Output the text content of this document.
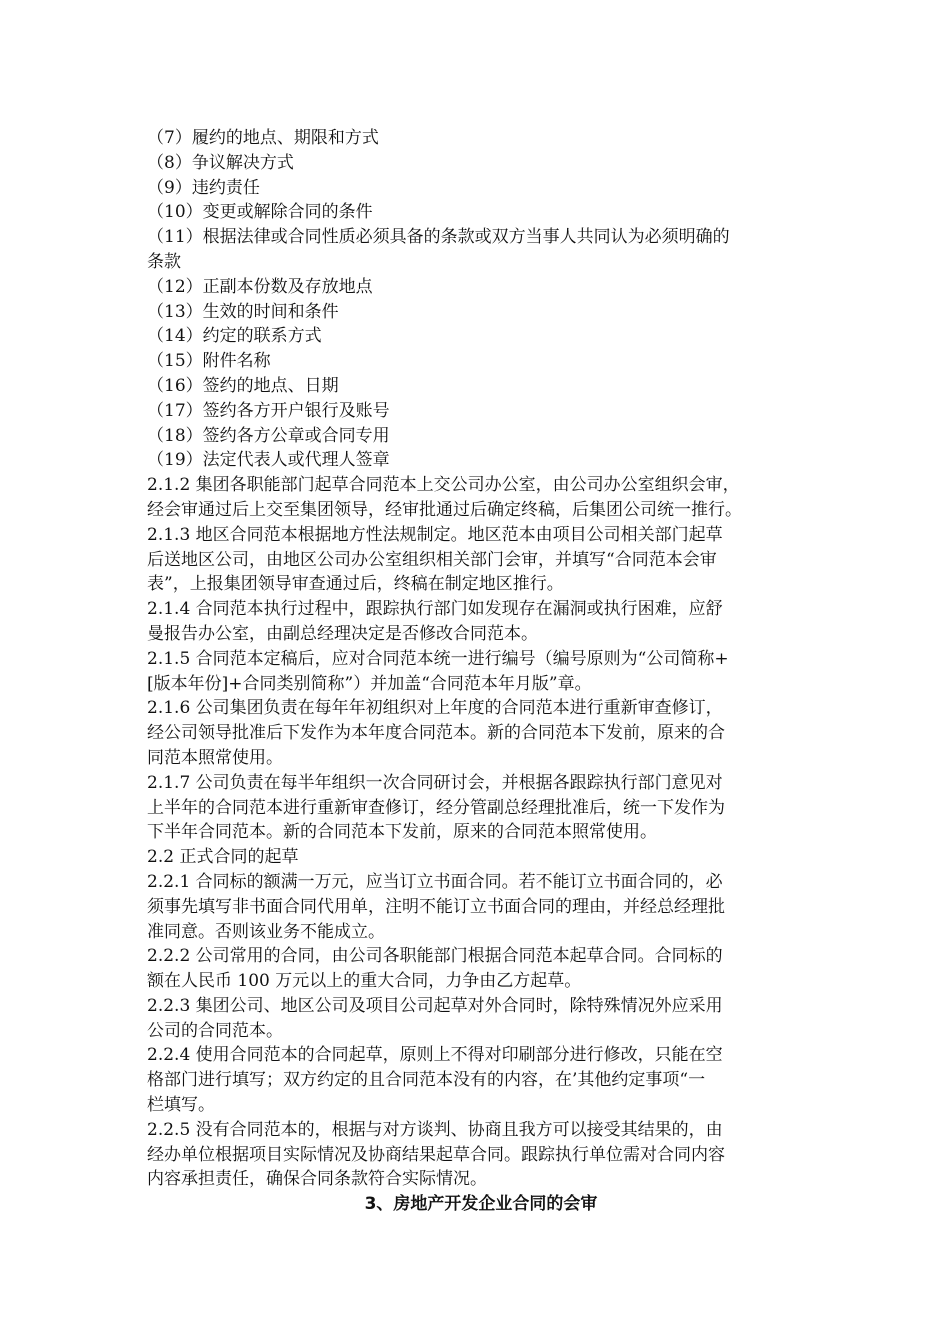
（7）履约的地点、期限和方式
（8）争议解决方式
（9）违约责任
（10）变更或解除合同的条件
（11）根据法律或合同性质必须具备的条款或双方当事人共同认为必须明确的
条款
（12）正副本份数及存放地点
（13）生效的时间和条件
（14）约定的联系方式
（15）附件名称
（16）签约的地点、日期
（17）签约各方开户银行及账号
（18）签约各方公章或合同专用
（19）法定代表人或代理人签章
2.1.2 集团各职能部门起草合同范本上交公司办公室，由公司办公室组织会审，
经会审通过后上交至集团领导，经审批通过后确定终稿，后集团公司统一推行。
2.1.3 地区合同范本根据地方性法规制定。地区范本由项目公司相关部门起草
后送地区公司，由地区公司办公室组织相关部门会审，并填写“合同范本会审
表”，上报集团领导审查通过后，终稿在制定地区推行。
2.1.4 合同范本执行过程中，跟踪执行部门如发现存在漏洞或执行困难，应舒
曼报告办公室，由副总经理决定是否修改合同范本。
2.1.5 合同范本定稿后，应对合同范本统一进行编号（编号原则为“公司简称+
[版本年份]+合同类别简称”）并加盖“合同范本年月版”章。
2.1.6 公司集团负责在每年年初组织对上年度的合同范本进行重新审查修订，
经公司领导批准后下发作为本年度合同范本。新的合同范本下发前，原来的合
同范本照常使用。
2.1.7 公司负责在每半年组织一次合同研讨会，并根据各跟踪执行部门意见对
上半年的合同范本进行重新审查修订，经分管副总经理批准后，统一下发作为
下半年合同范本。新的合同范本下发前，原来的合同范本照常使用。
2.2 正式合同的起草
2.2.1 合同标的额满一万元，应当订立书面合同。若不能订立书面合同的，必
须事先填写非书面合同代用单，注明不能订立书面合同的理由，并经总经理批
准同意。否则该业务不能成立。
2.2.2 公司常用的合同，由公司各职能部门根据合同范本起草合同。合同标的
额在人民币 100 万元以上的重大合同，力争由乙方起草。
2.2.3 集团公司、地区公司及项目公司起草对外合同时，除特殊情况外应采用
公司的合同范本。
2.2.4 使用合同范本的合同起草，原则上不得对印刷部分进行修改，只能在空
格部门进行填写；双方约定的且合同范本没有的内容，在’其他约定事项“一
栏填写。
2.2.5 没有合同范本的，根据与对方谈判、协商且我方可以接受其结果的，由
经办单位根据项目实际情况及协商结果起草合同。跟踪执行单位需对合同内容
内容承担责任，确保合同条款符合实际情况。
3、房地产开发企业合同的会审
